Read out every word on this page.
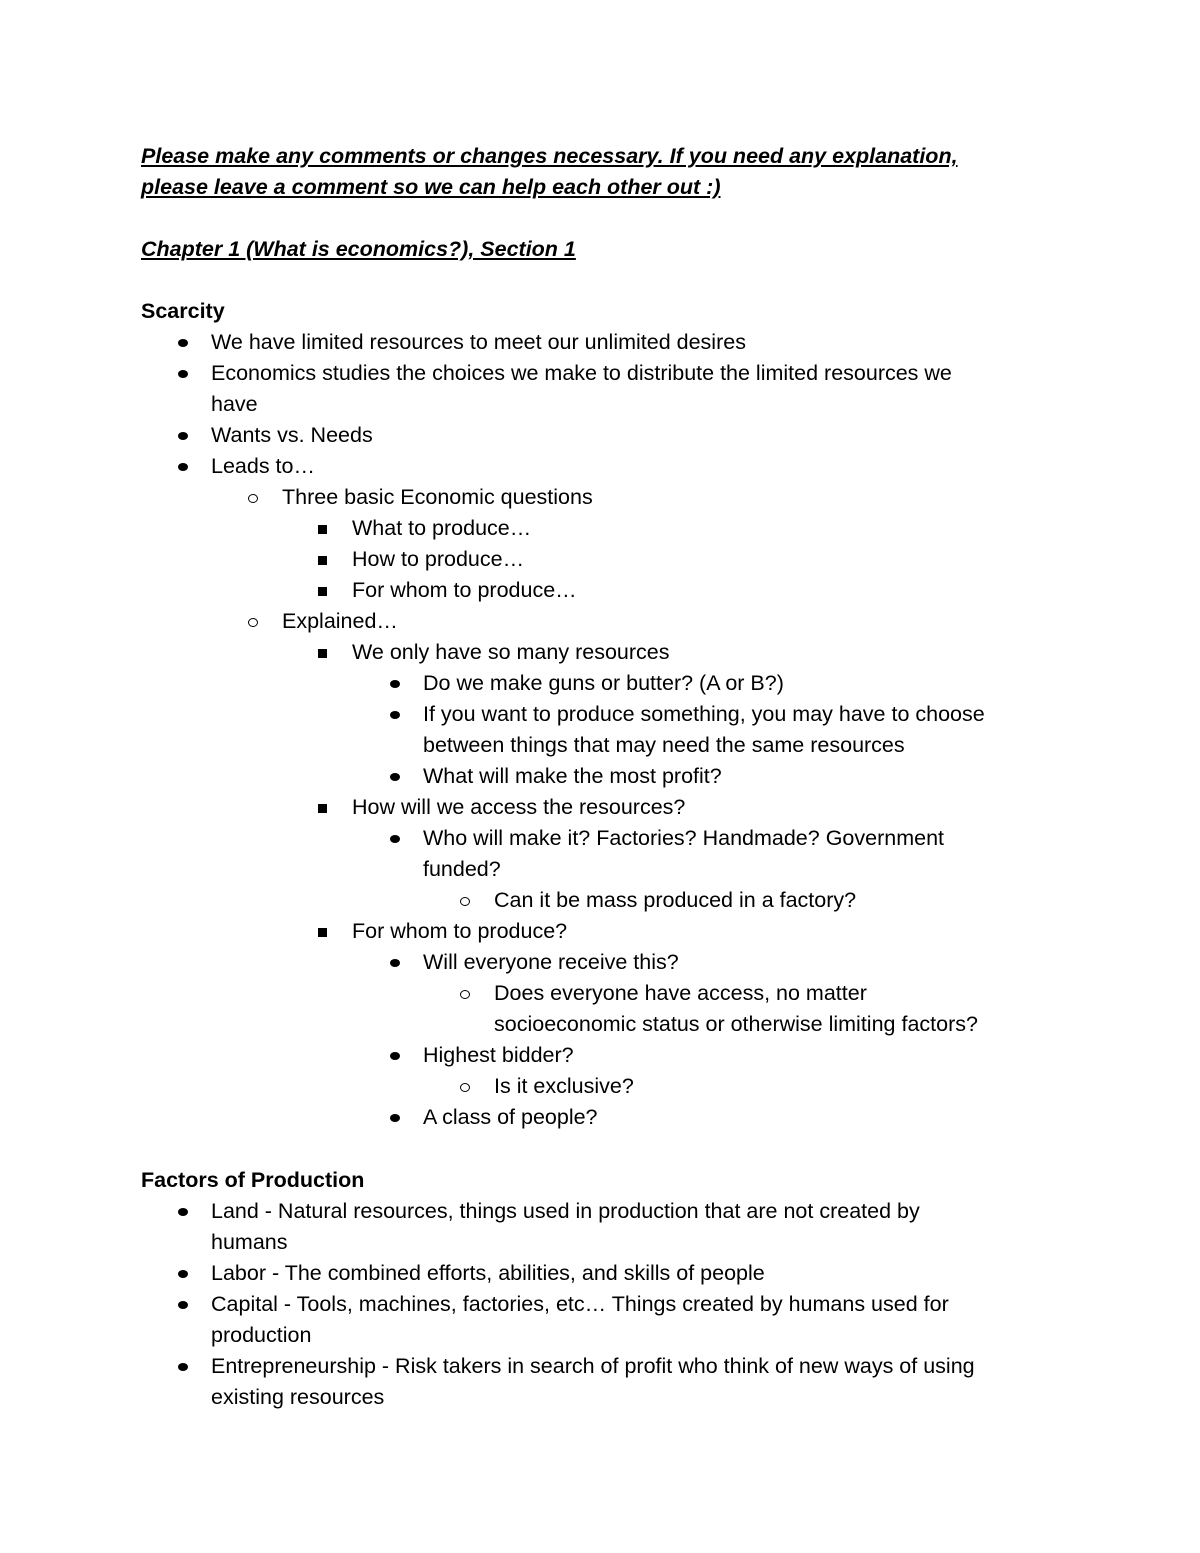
Please make any comments or changes necessary. If you need any explanation,
please leave a comment so we can help each other out :)
Chapter 1 (What is economics?), Section 1
Scarcity
We have limited resources to meet our unlimited desires
Economics studies the choices we make to distribute the limited resources we
have
Wants vs. Needs
Leads to…
Three basic Economic questions
What to produce…
How to produce…
For whom to produce…
Explained…
We only have so many resources
Do we make guns or butter? (A or B?)
If you want to produce something, you may have to choose
between things that may need the same resources
What will make the most profit?
How will we access the resources?
Who will make it? Factories? Handmade? Government
funded?
Can it be mass produced in a factory?
For whom to produce?
Will everyone receive this?
Does everyone have access, no matter
socioeconomic status or otherwise limiting factors?
Highest bidder?
Is it exclusive?
A class of people?
Factors of Production
Land - Natural resources, things used in production that are not created by
humans
Labor - The combined efforts, abilities, and skills of people
Capital - Tools, machines, factories, etc… Things created by humans used for
production
Entrepreneurship - Risk takers in search of profit who think of new ways of using
existing resources
